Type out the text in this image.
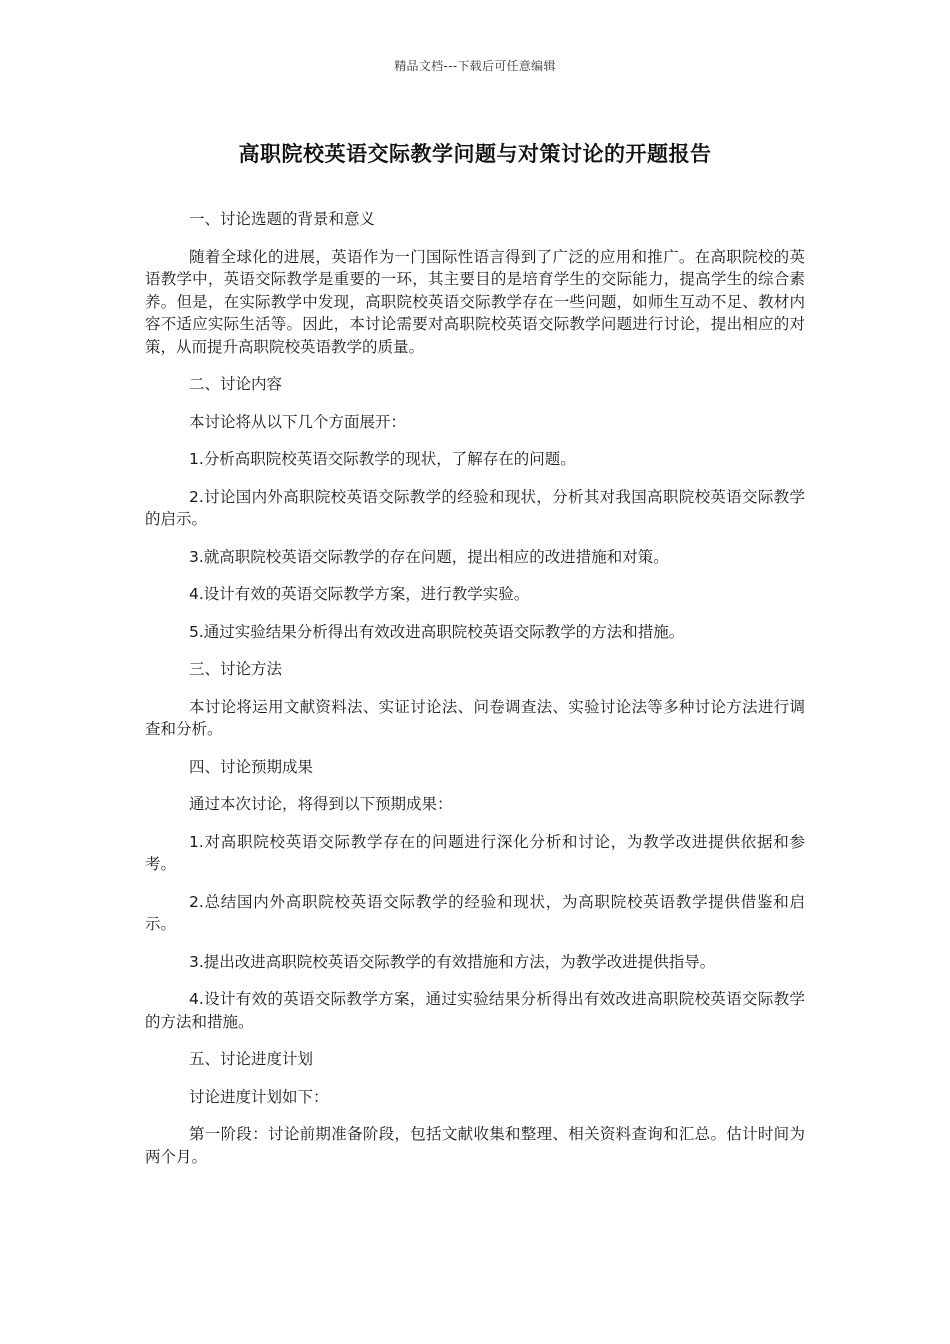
精品文档---下载后可任意编辑
高职院校英语交际教学问题与对策讨论的开题报告

一、讨论选题的背景和意义

随着全球化的进展，英语作为一门国际性语言得到了广泛的应用和推广。在高职院校的英语教学中，英语交际教学是重要的一环，其主要目的是培育学生的交际能力，提高学生的综合素养。但是，在实际教学中发现，高职院校英语交际教学存在一些问题，如师生互动不足、教材内容不适应实际生活等。因此，本讨论需要对高职院校英语交际教学问题进行讨论，提出相应的对策，从而提升高职院校英语教学的质量。

二、讨论内容

本讨论将从以下几个方面展开：

1.分析高职院校英语交际教学的现状，了解存在的问题。

2.讨论国内外高职院校英语交际教学的经验和现状，分析其对我国高职院校英语交际教学的启示。

3.就高职院校英语交际教学的存在问题，提出相应的改进措施和对策。

4.设计有效的英语交际教学方案，进行教学实验。

5.通过实验结果分析得出有效改进高职院校英语交际教学的方法和措施。

三、讨论方法

本讨论将运用文献资料法、实证讨论法、问卷调查法、实验讨论法等多种讨论方法进行调查和分析。

四、讨论预期成果

通过本次讨论，将得到以下预期成果：

1.对高职院校英语交际教学存在的问题进行深化分析和讨论，为教学改进提供依据和参考。

2.总结国内外高职院校英语交际教学的经验和现状，为高职院校英语教学提供借鉴和启示。

3.提出改进高职院校英语交际教学的有效措施和方法，为教学改进提供指导。

4.设计有效的英语交际教学方案，通过实验结果分析得出有效改进高职院校英语交际教学的方法和措施。

五、讨论进度计划

讨论进度计划如下：

第一阶段：讨论前期准备阶段，包括文献收集和整理、相关资料查询和汇总。估计时间为两个月。
